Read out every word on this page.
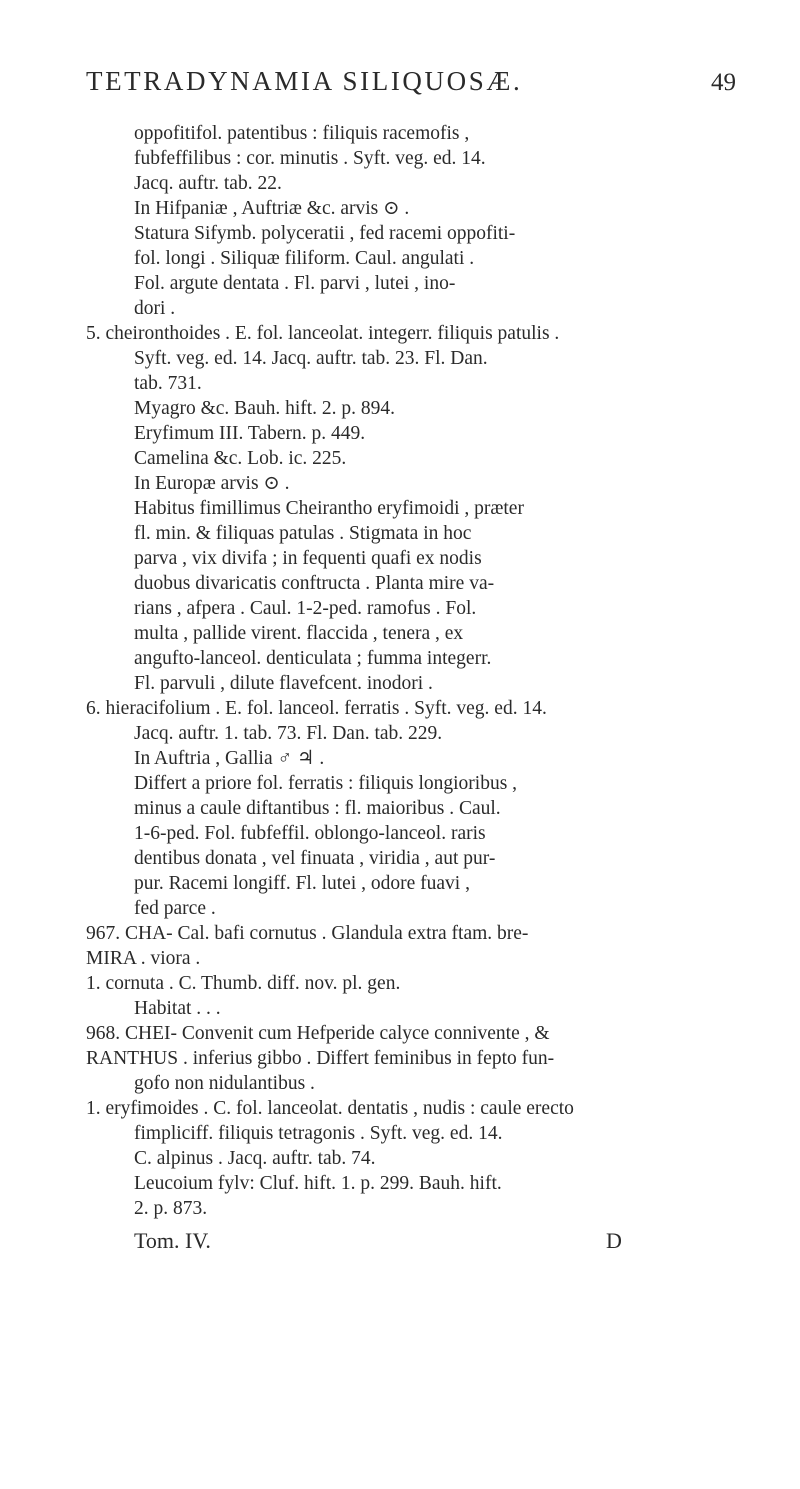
TETRADYNAMIA SILIQUOSÆ.	49
oppofitifol. patentibus : filiquis racemofis ,
fubfeffilibus : cor. minutis . Syft. veg. ed. 14.
Jacq. auftr. tab. 22.
In Hifpaniæ , Auftriæ &c. arvis ⊙ .
Statura Sifymb. polyceratii , fed racemi oppofiti-
fol. longi . Siliquæ filiform. Caul. angulati .
Fol. argute dentata . Fl. parvi , lutei , ino-
dori .
5. cheironthoides . E. fol. lanceolat. integerr. filiquis patulis .
Syft. veg. ed. 14. Jacq. auftr. tab. 23. Fl. Dan.
tab. 731.
Myagro &c. Bauh. hift. 2. p. 894.
Eryfimum III. Tabern. p. 449.
Camelina &c. Lob. ic. 225.
In Europæ arvis ⊙ .
Habitus fimillimus Cheirantho eryfimoidi , præter
fl. min. & filiquas patulas . Stigmata in hoc
parva , vix divifa ; in fequenti quafi ex nodis
duobus divaricatis conftructa . Planta mire va-
rians , afpera . Caul. 1-2-ped. ramofus . Fol.
multa , pallide virent. flaccida , tenera , ex
angufto-lanceol. denticulata ; fumma integerr.
Fl. parvuli , dilute flavefcent. inodori .
6. hieracifolium . E. fol. lanceol. ferratis . Syft. veg. ed. 14.
Jacq. auftr. 1. tab. 73. Fl. Dan. tab. 229.
In Auftria , Gallia ♂ ♃ .
Differt a priore fol. ferratis : filiquis longioribus ,
minus a caule diftantibus : fl. maioribus . Caul.
1-6-ped. Fol. fubfeffil. oblongo-lanceol. raris
dentibus donata , vel finuata , viridia , aut pur-
pur. Racemi longiff. Fl. lutei , odore fuavi ,
fed parce .
967. CHA- Cal. bafi cornutus . Glandula extra ftam. bre-
MIRA . viora .
1. cornuta . C. Thumb. diff. nov. pl. gen.
Habitat . . .
968. CHEI- Convenit cum Hefperide calyce connivente , &
RANTHUS . inferius gibbo . Differt feminibus in fepto fun-
gofo non nidulantibus .
1. eryfimoides . C. fol. lanceolat. dentatis , nudis : caule erecto
fimpliciff. filiquis tetragonis . Syft. veg. ed. 14.
C. alpinus . Jacq. auftr. tab. 74.
Leucoium fylv: Cluf. hift. 1. p. 299. Bauh. hift.
2. p. 873.
Tom. IV.	D
